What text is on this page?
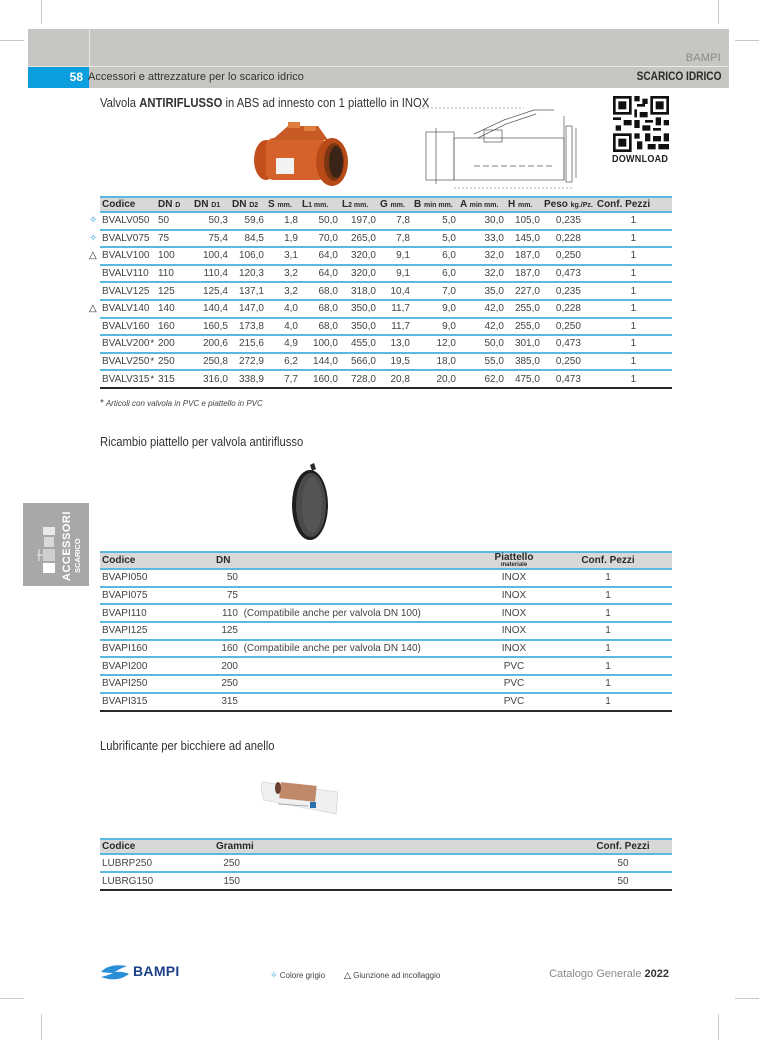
BAMPI
58 Accessori e attrezzature per lo scarico idrico	SCARICO IDRICO
Valvola ANTIRIFLUSSO in ABS ad innesto con 1 piattello in INOX
DOWNLOAD
Codice	DN D	DN D1	DN D2	S mm.	L1 mm.	L2 mm.	G mm.	B min mm.	A min mm.	H mm.	Peso kg./Pz.	Conf. Pezzi

✧ BVALV050	50	50,3	59,6	1,8	50,0	197,0	7,8	5,0	30,0	105,0	0,235	1

✧ BVALV075	75	75,4	84,5	1,9	70,0	265,0	7,8	5,0	33,0	145,0	0,228	1

△ BVALV100	100	100,4	106,0	3,1	64,0	320,0	9,1	6,0	32,0	187,0	0,250	1
BVALV110	110	110,4	120,3	3,2	64,0	320,0	9,1	6,0	32,0	187,0	0,473	1
BVALV125	125	125,4	137,1	3,2	68,0	318,0	10,4	7,0	35,0	227,0	0,235	1

△ BVALV140	140	140,4	147,0	4,0	68,0	350,0	11,7	9,0	42,0	255,0	0,228	1
BVALV160	160	160,5	173,8	4,0	68,0	350,0	11,7	9,0	42,0	255,0	0,250	1
BVALV200*	200	200,6	215,6	4,9	100,0	455,0	13,0	12,0	50,0	301,0	0,473	1
BVALV250*	250	250,8	272,9	6,2	144,0	566,0	19,5	18,0	55,0	385,0	0,250	1
BVALV315*	315	316,0	338,9	7,7	160,0	728,0	20,8	20,0	62,0	475,0	0,473	1
* Articoli con valvola in PVC e piattello in PVC
Ricambio piattello per valvola antiriflusso
ACCESSORI SCARICO Codice	DN	Piattello
materiale	Conf. Pezzi
BVAPI050	50	INOX	1
BVAPI075	75	INOX	1
BVAPI110	110 (Compatibile anche per valvola DN 100)	INOX	1
BVAPI125	125	INOX	1
BVAPI160	160 (Compatibile anche per valvola DN 140)	INOX	1
BVAPI200	200	PVC	1
BVAPI250	250	PVC	1
BVAPI315	315	PVC	1
Lubrificante per bicchiere ad anello
Codice	Grammi	Conf. Pezzi
LUBRP250	250	50
LUBRG150	150	50
BAMPI	✧ Colore grigio △ Giunzione ad incollaggio	Catalogo Generale 2022
